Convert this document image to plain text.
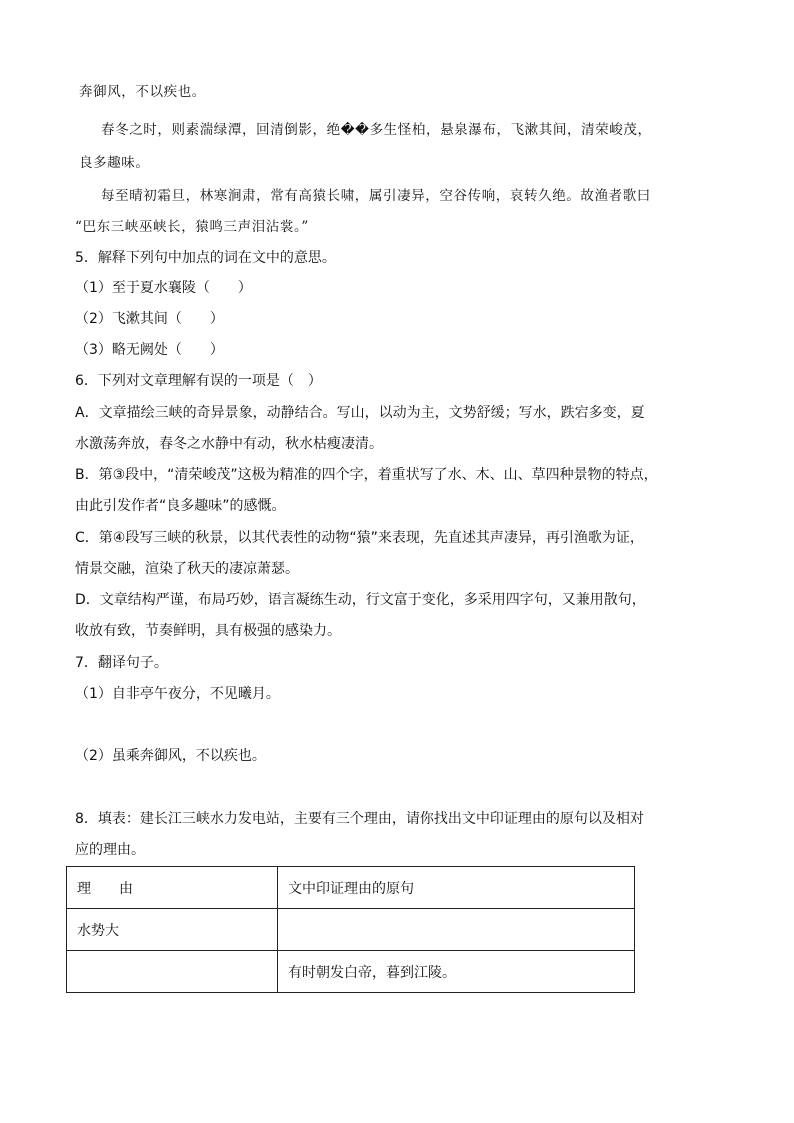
奔御风，不以疾也。
春冬之时，则素湍绿潭，回清倒影，绝��多生怪柏，悬泉瀑布，飞漱其间，清荣峻茂，
良多趣味。
每至晴初霜旦，林寒涧肃，常有高猿长啸，属引凄异，空谷传响，哀转久绝。故渔者歌曰
“巴东三峡巫峡长，猿鸣三声泪沾裳。”
5．解释下列句中加点的词在文中的意思。
（1）至于夏水襄陵（　　）
（2）飞漱其间（　　）
（3）略无阙处（　　）
6．下列对文章理解有误的一项是（　）
A．文章描绘三峡的奇异景象，动静结合。写山，以动为主，文势舒缓；写水，跌宕多变，夏
水激荡奔放，春冬之水静中有动，秋水枯瘦凄清。
B．第③段中，“清荣峻茂”这极为精准的四个字，着重状写了水、木、山、草四种景物的特点，
由此引发作者“良多趣味”的感慨。
C．第④段写三峡的秋景，以其代表性的动物“猿”来表现，先直述其声凄异，再引渔歌为证，
情景交融，渲染了秋天的凄凉萧瑟。
D．文章结构严谨，布局巧妙，语言凝练生动，行文富于变化，多采用四字句，又兼用散句，
收放有致，节奏鲜明，具有极强的感染力。
7．翻译句子。
（1）自非亭午夜分，不见曦月。
（2）虽乘奔御风，不以疾也。
8．填表：建长江三峡水力发电站，主要有三个理由，请你找出文中印证理由的原句以及相对
应的理由。
理　　由	文中印证理由的原句
水势大	
	有时朝发白帝，暮到江陵。
